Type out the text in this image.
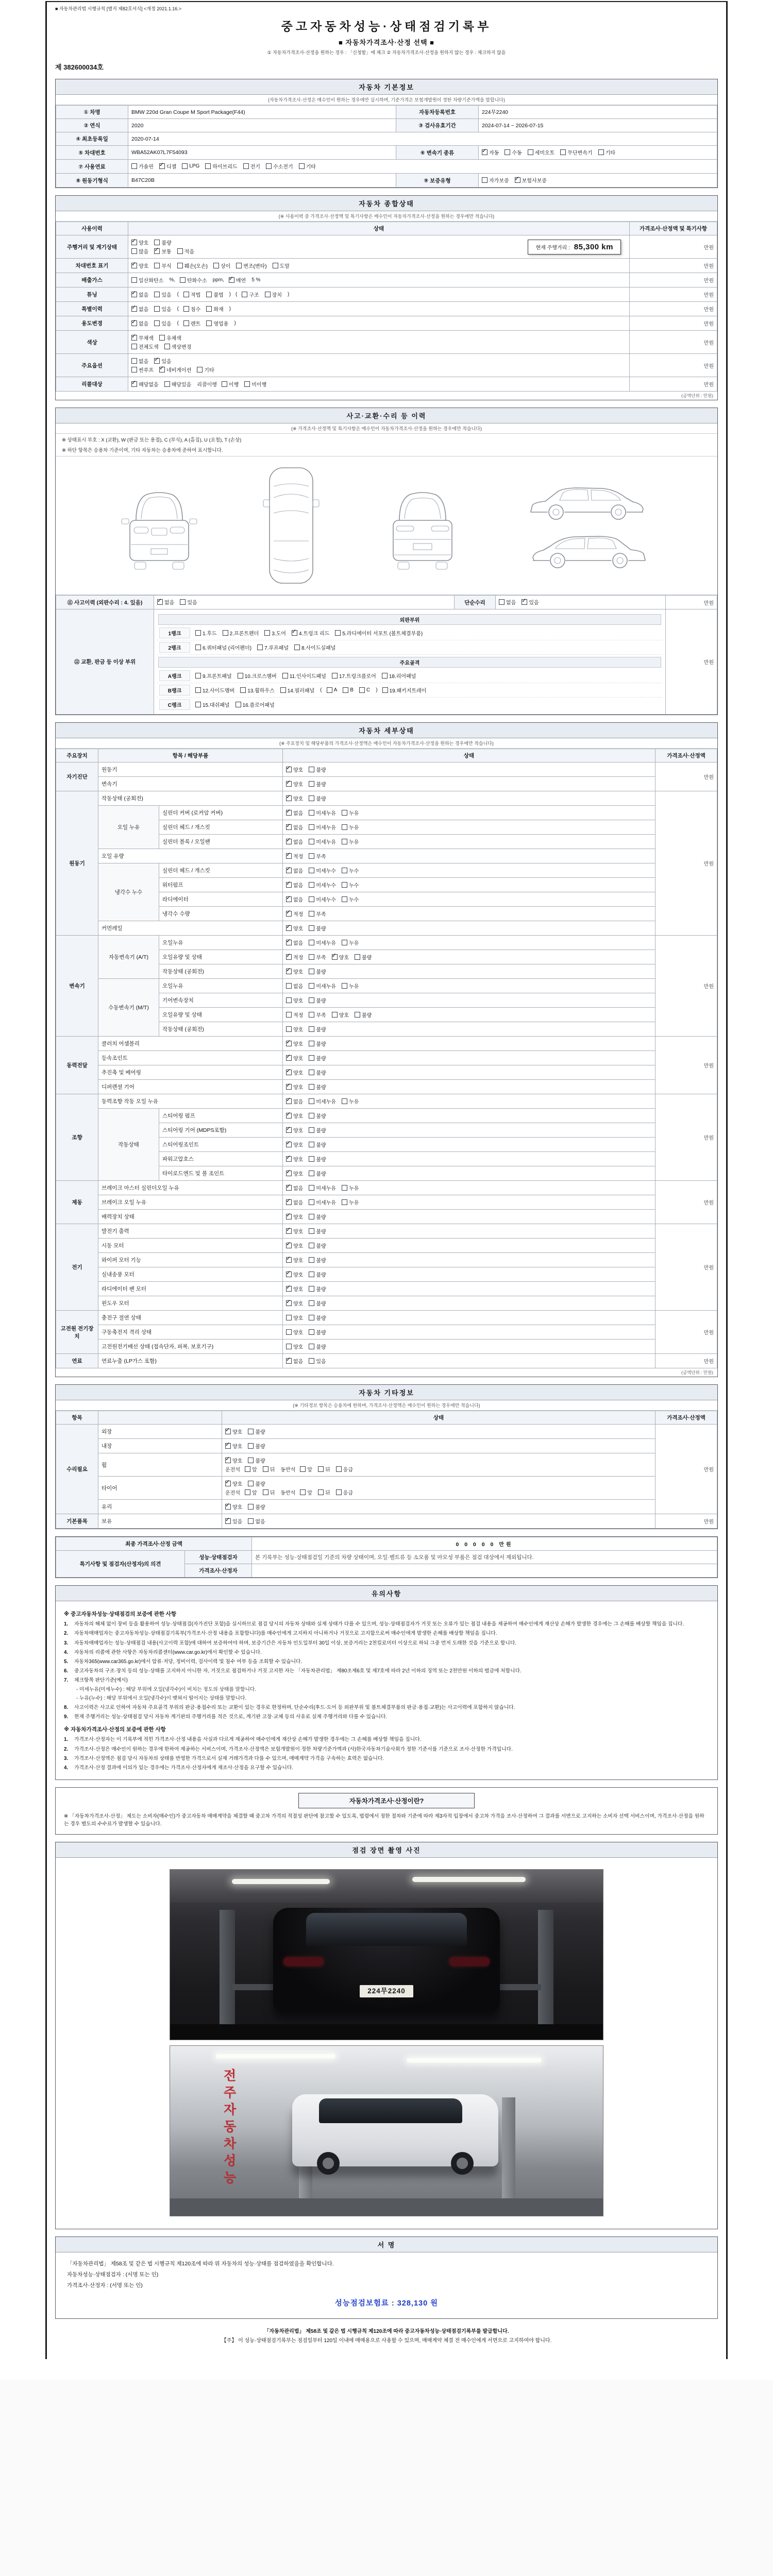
■ 자동차관리법 시행규칙 [별지 제82호서식] <개정 2021.1.16.>
중고자동차성능·상태점검기록부
■ 자동차가격조사·산정 선택 ■
① 자동차가격조사·산정을 원하는 경우 : 「신청함」에 체크 ② 자동차가격조사·산정을 원하지 않는 경우 : 체크하지 않음
제 382600034호
자동차 기본정보
(자동차가격조사·산정은 매수인이 원하는 경우에만 실시하며, 기준가격은 보험개발원이 정한 차량기준가액을 말합니다)
① 차명	BMW 220d Gran Coupe M Sport Package(F44)	자동차등록번호	224무2240
② 연식	2020	③ 검사유효기간	2024-07-14 ~ 2026-07-15
④ 최초등록일	2020-07-14		
⑤ 차대번호	WBA52AK07L7F54093	⑥ 변속기 종류	
✓자동 수동 세미오토 무단변속기 기타

⑦ 사용연료	가솔린 ✓	디젤	LPG	하이브리드	전기	수소전기	기타

⑧ 원동기형식	B47C20B	⑨ 보증유형	자가보증 ✓ 보험사보증
자동차 종합상태
(※ 사용이력 중 가격조사·산정액 및 특기사항은 매수인이 자동차가격조사·산정을 원하는 경우에만 적습니다)
사용이력	상태	가격조사·산정액 및 특기사항
주행거리 및 계기상태	
✓
양호	불량
많음 ✓	보통	적음
현재 주행거리 : 85,300 km	만원
차대번호 표기	
✓양호	부식	훼손(오손)	상이	변조(변타)	도말	만원
배출가스	일산화탄소 %, 탄화수소 ppm, ✓ 매연 5 %	만원
튜닝	
✓없음	있음 ( 적법	불법 ) ( 구조	장치 )	만원
특별이력	
✓없음	있음 ( 침수	화재 )	만원
용도변경	
✓없음	있음 ( 렌트	영업용 )	만원
색상	
✓
무채색 유채색
전체도색 색상변경	만원
주요옵션	없음 ✓ 있음
썬루프 ✓ 네비게이션 기타	만원
리콜대상	
✓해당없음 해당있음 리콜이행 이행 미이행	만원
(금액단위 : 만원)
사고·교환·수리 등 이력
(※ 가격조사·산정액 및 특기사항은 매수인이 자동차가격조사·산정을 원하는 경우에만 적습니다)
※ 상태표시 부호 : X (교환), W (판금 또는 용접), C (부식), A (흠집), U (요철), T (손상)
※ 하단 항목은 승용차 기준이며, 기타 자동차는 승용차에 준하여 표시합니다.
⑪ 사고이력 (외판수리 : 4. 있음)	
✓없음 있음	단순수리	없음 ✓ 있음	만원
⑫ 교환, 판금 등 이상 부위	
외판부위
1랭크	1.후드	2.프론트펜더	3.도어 ✓	4.트렁크 리드	5.라디에이터 서포트 (볼트체결부품)
2랭크	6.쿼터패널 (리어펜더)	7.루프패널	8.사이드실패널
주요골격
A랭크	9.프론트패널	10.크로스멤버	11.인사이드패널	17.트렁크플로어	18.리어패널
B랭크	12.사이드멤버	13.휠하우스	14.필러패널 ( A	B	C ) 19.패키지트레이
C랭크	15.대쉬패널	16.플로어패널
	만원
자동차 세부상태
(※ 주요장치 및 해당부품의 가격조사·산정액은 매수인이 자동차가격조사·산정을 원하는 경우에만 적습니다)
주요장치	항목 / 해당부품		상태	가격조사·산정액
자기진단	원동기	
✓양호 불량	만원
	변속기	
✓양호 불량

원동기	작동상태 (공회전)	
✓양호 불량	만원
	오일 누유	실린더 커버 (로커암 커버)	
✓없음 미세누유 누유

		실린더 헤드 / 개스킷	
✓없음 미세누유 누유

		실린더 블록 / 오일팬	
✓없음 미세누유 누유

	오일 유량	
✓적정 부족

	냉각수 누수	실린더 헤드 / 개스킷	
✓없음 미세누수 누수

		워터펌프	
✓없음 미세누수 누수

		라디에이터	
✓없음 미세누수 누수

		냉각수 수량	
✓적정 부족

	커먼레일	
✓양호 불량

변속기	자동변속기 (A/T)	오일누유	
✓없음 미세누유 누유	만원
		오일유량 및 상태	
✓적정 부족 ✓ 양호 불량

		작동상태 (공회전)	
✓양호 불량

	수동변속기 (M/T)	오일누유	없음 미세누유 누유	

		기어변속장치	양호 불량	

		오일유량 및 상태	적정 부족 양호 불량	

		작동상태 (공회전)	양호 불량	

동력전달	클러치 어셈블리	
✓양호 불량	만원
	등속조인트	
✓양호 불량

	추진축 및 베어링	
✓양호 불량

	디퍼렌셜 기어	
✓양호 불량

조향	동력조향 작동 오일 누유	
✓없음 미세누유 누유	만원
	작동상태	스티어링 펌프	
✓양호 불량

		스티어링 기어 (MDPS포함)	
✓양호 불량

		스티어링조인트	
✓양호 불량

		파워고압호스	
✓양호 불량

		타이로드엔드 및 볼 조인트	
✓양호 불량

제동	브레이크 마스터 실린더오일 누유	
✓없음 미세누유 누유	만원
	브레이크 오일 누유	
✓없음 미세누유 누유

	배력장치 상태	
✓양호 불량

전기	발전기 출력	
✓양호 불량	만원
	시동 모터	
✓양호 불량

	와이퍼 모터 기능	
✓양호 불량

	실내송풍 모터	
✓양호 불량

	라디에이터 팬 모터	
✓양호 불량

	윈도우 모터	
✓양호 불량

고전원 전기장치	충전구 절연 상태		양호 불량	만원
	구동축전지 격리 상태		양호 불량	

	고전원전기배선 상태 (접속단자, 피복, 보호기구)		양호 불량	

연료	연료누출 (LP가스 포함)	
✓없음 있음	만원
(금액단위 : 만원)
자동차 기타정보
(※ 기타정보 항목은 승용차에 한하며, 가격조사·산정액은 매수인이 원하는 경우에만 적습니다)
항목		상태	가격조사·산정액
수리필요	외장	
✓양호 불량	만원
	내장	
✓양호 불량

휠	
✓
양호	불량
운전석 앞	뒤 동반석 앞	뒤	응급

타이어	
✓
양호	불량
운전석 앞	뒤 동반석 앞	뒤	응급

	유리	
✓양호 불량

기본품목	보유	
✓있음 없음	만원
최종 가격조사·산정 금액		0 0 0 0 0 만원
특기사항 및 점검자(산정자)의 의견	성능·상태점검자	본 기록부는 성능·상태점검일 기준의 차량 상태이며, 오일·벨트류 등 소모품 및 마모성 부품은 점검 대상에서 제외됩니다.
	가격조사·산정자	
유의사항
※ 중고자동차성능·상태점검의 보증에 관한 사항
1.	자동차의 해체 없이 장비 등을 활용하여 성능·상태점검(자가진단 포함)을 실시하므로 점검 당시의 자동차 상태와 실제 상태가 다를 수 있으며, 성능·상태점검자가 거짓 또는 오류가 있는 점검 내용을 제공하여 매수인에게 재산상 손해가 발생한 경우에는 그 손해를 배상할 책임을 집니다.
2.	자동차매매업자는 중고자동차성능·상태점검기록부(가격조사·산정 내용을 포함합니다)를 매수인에게 고지하지 아니하거나 거짓으로 고지함으로써 매수인에게 발생한 손해를 배상할 책임을 집니다.
3.	자동차매매업자는 성능·상태점검 내용(사고이력 포함)에 대하여 보증하여야 하며, 보증기간은 자동차 인도일부터 30일 이상, 보증거리는 2천킬로미터 이상으로 하되 그중 먼저 도래한 것을 기준으로 합니다.
4.	자동차의 리콜에 관한 사항은 자동차리콜센터(www.car.go.kr)에서 확인할 수 있습니다.
5.	자동차365(www.car365.go.kr)에서 압류·저당, 정비이력, 검사이력 및 침수 여부 등을 조회할 수 있습니다.
6.	중고자동차의 구조·장치 등의 성능·상태를 고지하지 아니한 자, 거짓으로 점검하거나 거짓 고지한 자는 「자동차관리법」 제80조제6호 및 제7호에 따라 2년 이하의 징역 또는 2천만원 이하의 벌금에 처합니다.
7.	체크항목 판단기준(예시)
- 미세누유(미세누수) : 해당 부위에 오일(냉각수)이 비치는 정도의 상태를 말합니다.
- 누유(누수) : 해당 부위에서 오일(냉각수)이 맺혀서 떨어지는 상태를 말합니다.
8.	사고이력은 사고로 인하여 자동차 주요골격 부위의 판금·용접수리 또는 교환이 있는 경우로 한정하며, 단순수리(후드·도어 등 외판부위 및 볼트체결부품의 판금·용접·교환)는 사고이력에 포함하지 않습니다.
9.	현재 주행거리는 성능·상태점검 당시 자동차 계기판의 주행거리를 적은 것으로, 계기판 고장·교체 등의 사유로 실제 주행거리와 다를 수 있습니다.
※ 자동차가격조사·산정의 보증에 관한 사항
1.	가격조사·산정자는 이 기록부에 적힌 가격조사·산정 내용을 사실과 다르게 제공하여 매수인에게 재산상 손해가 발생한 경우에는 그 손해를 배상할 책임을 집니다.
2.	가격조사·산정은 매수인이 원하는 경우에 한하여 제공하는 서비스이며, 가격조사·산정액은 보험개발원이 정한 차량기준가액과 (사)한국자동차기술사회가 정한 기준서를 기준으로 조사·산정한 가격입니다.
3.	가격조사·산정액은 점검 당시 자동차의 상태를 반영한 가격으로서 실제 거래가격과 다를 수 있으며, 매매계약 가격을 구속하는 효력은 없습니다.
4.	가격조사·산정 결과에 이의가 있는 경우에는 가격조사·산정자에게 재조사·산정을 요구할 수 있습니다.
자동차가격조사·산정이란?
※ 「자동차가격조사·산정」 제도는 소비자(매수인)가 중고자동차 매매계약을 체결할 때 중고차 가격의 적절성 판단에 참고할 수 있도록, 법령에서 정한 절차와 기준에 따라 제3자적 입장에서 중고차 가격을 조사·산정하여 그 결과를 서면으로 고지하는 소비자 선택 서비스이며, 가격조사·산정을 원하는 경우 별도의 수수료가 발생할 수 있습니다.
점검 장면 촬영 사진
224무2240
전주자동차성능
서 명
「자동차관리법」 제58조 및 같은 법 시행규칙 제120조에 따라 위 자동차의 성능·상태를 점검하였음을 확인합니다.
자동차성능·상태점검자 : (서명 또는 인)
가격조사·산정자 : (서명 또는 인)
성능점검보험료 : 328,130 원
「자동차관리법」 제58조 및 같은 법 시행규칙 제120조에 따라 중고자동차성능·상태점검기록부를 발급합니다.
【주】 이 성능·상태점검기록부는 점검일부터 120일 이내에 매매용으로 사용할 수 있으며, 매매계약 체결 전 매수인에게 서면으로 고지하여야 합니다.
